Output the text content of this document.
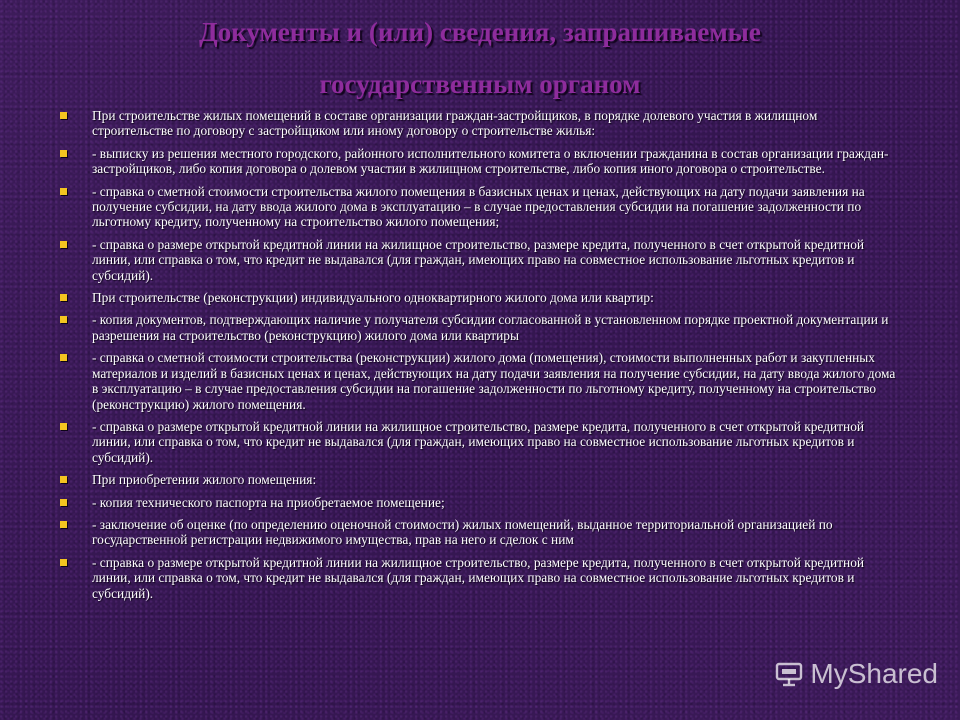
Документы и (или) сведения, запрашиваемые
государственным органом
При строительстве жилых помещений в составе организации граждан-застройщиков, в порядке долевого участия в жилищном строительстве по договору с застройщиком или иному договору о строительстве жилья:
- выписку из решения местного городского, районного исполнительного комитета о включении гражданина в состав организации граждан-застройщиков, либо копия договора о долевом участии в жилищном строительстве, либо копия иного договора о строительстве.
- справка о сметной стоимости строительства жилого помещения в базисных ценах и ценах, действующих на дату подачи заявления на получение субсидии, на дату ввода жилого дома в эксплуатацию – в случае предоставления субсидии на погашение задолженности по льготному кредиту, полученному на строительство жилого помещения;
- справка о размере открытой кредитной линии на жилищное строительство, размере кредита, полученного в счет открытой кредитной линии, или справка о том, что кредит не выдавался (для граждан, имеющих право на совместное использование льготных кредитов и субсидий).
При строительстве (реконструкции) индивидуального одноквартирного жилого дома или квартир:
- копия документов, подтверждающих наличие у получателя субсидии согласованной в установленном порядке проектной документации и разрешения на строительство (реконструкцию) жилого дома или квартиры
- справка о сметной стоимости строительства (реконструкции) жилого дома (помещения), стоимости выполненных работ и закупленных материалов и изделий в базисных ценах и ценах, действующих на дату подачи заявления на получение субсидии, на дату ввода жилого дома в эксплуатацию – в случае предоставления субсидии на погашение задолженности по льготному кредиту, полученному на строительство (реконструкцию) жилого помещения.
- справка о размере открытой кредитной линии на жилищное строительство, размере кредита, полученного в счет открытой кредитной линии, или справка о том, что кредит не выдавался (для граждан, имеющих право на совместное использование льготных кредитов и субсидий).
При приобретении жилого помещения:
- копия технического паспорта на приобретаемое помещение;
- заключение об оценке (по определению оценочной стоимости) жилых помещений, выданное территориальной организацией по государственной регистрации недвижимого имущества, прав на него и сделок с ним
- справка о размере открытой кредитной линии на жилищное строительство, размере кредита, полученного в счет открытой кредитной линии, или справка о том, что кредит не выдавался (для граждан, имеющих право на совместное использование льготных кредитов и субсидий).
MyShared
